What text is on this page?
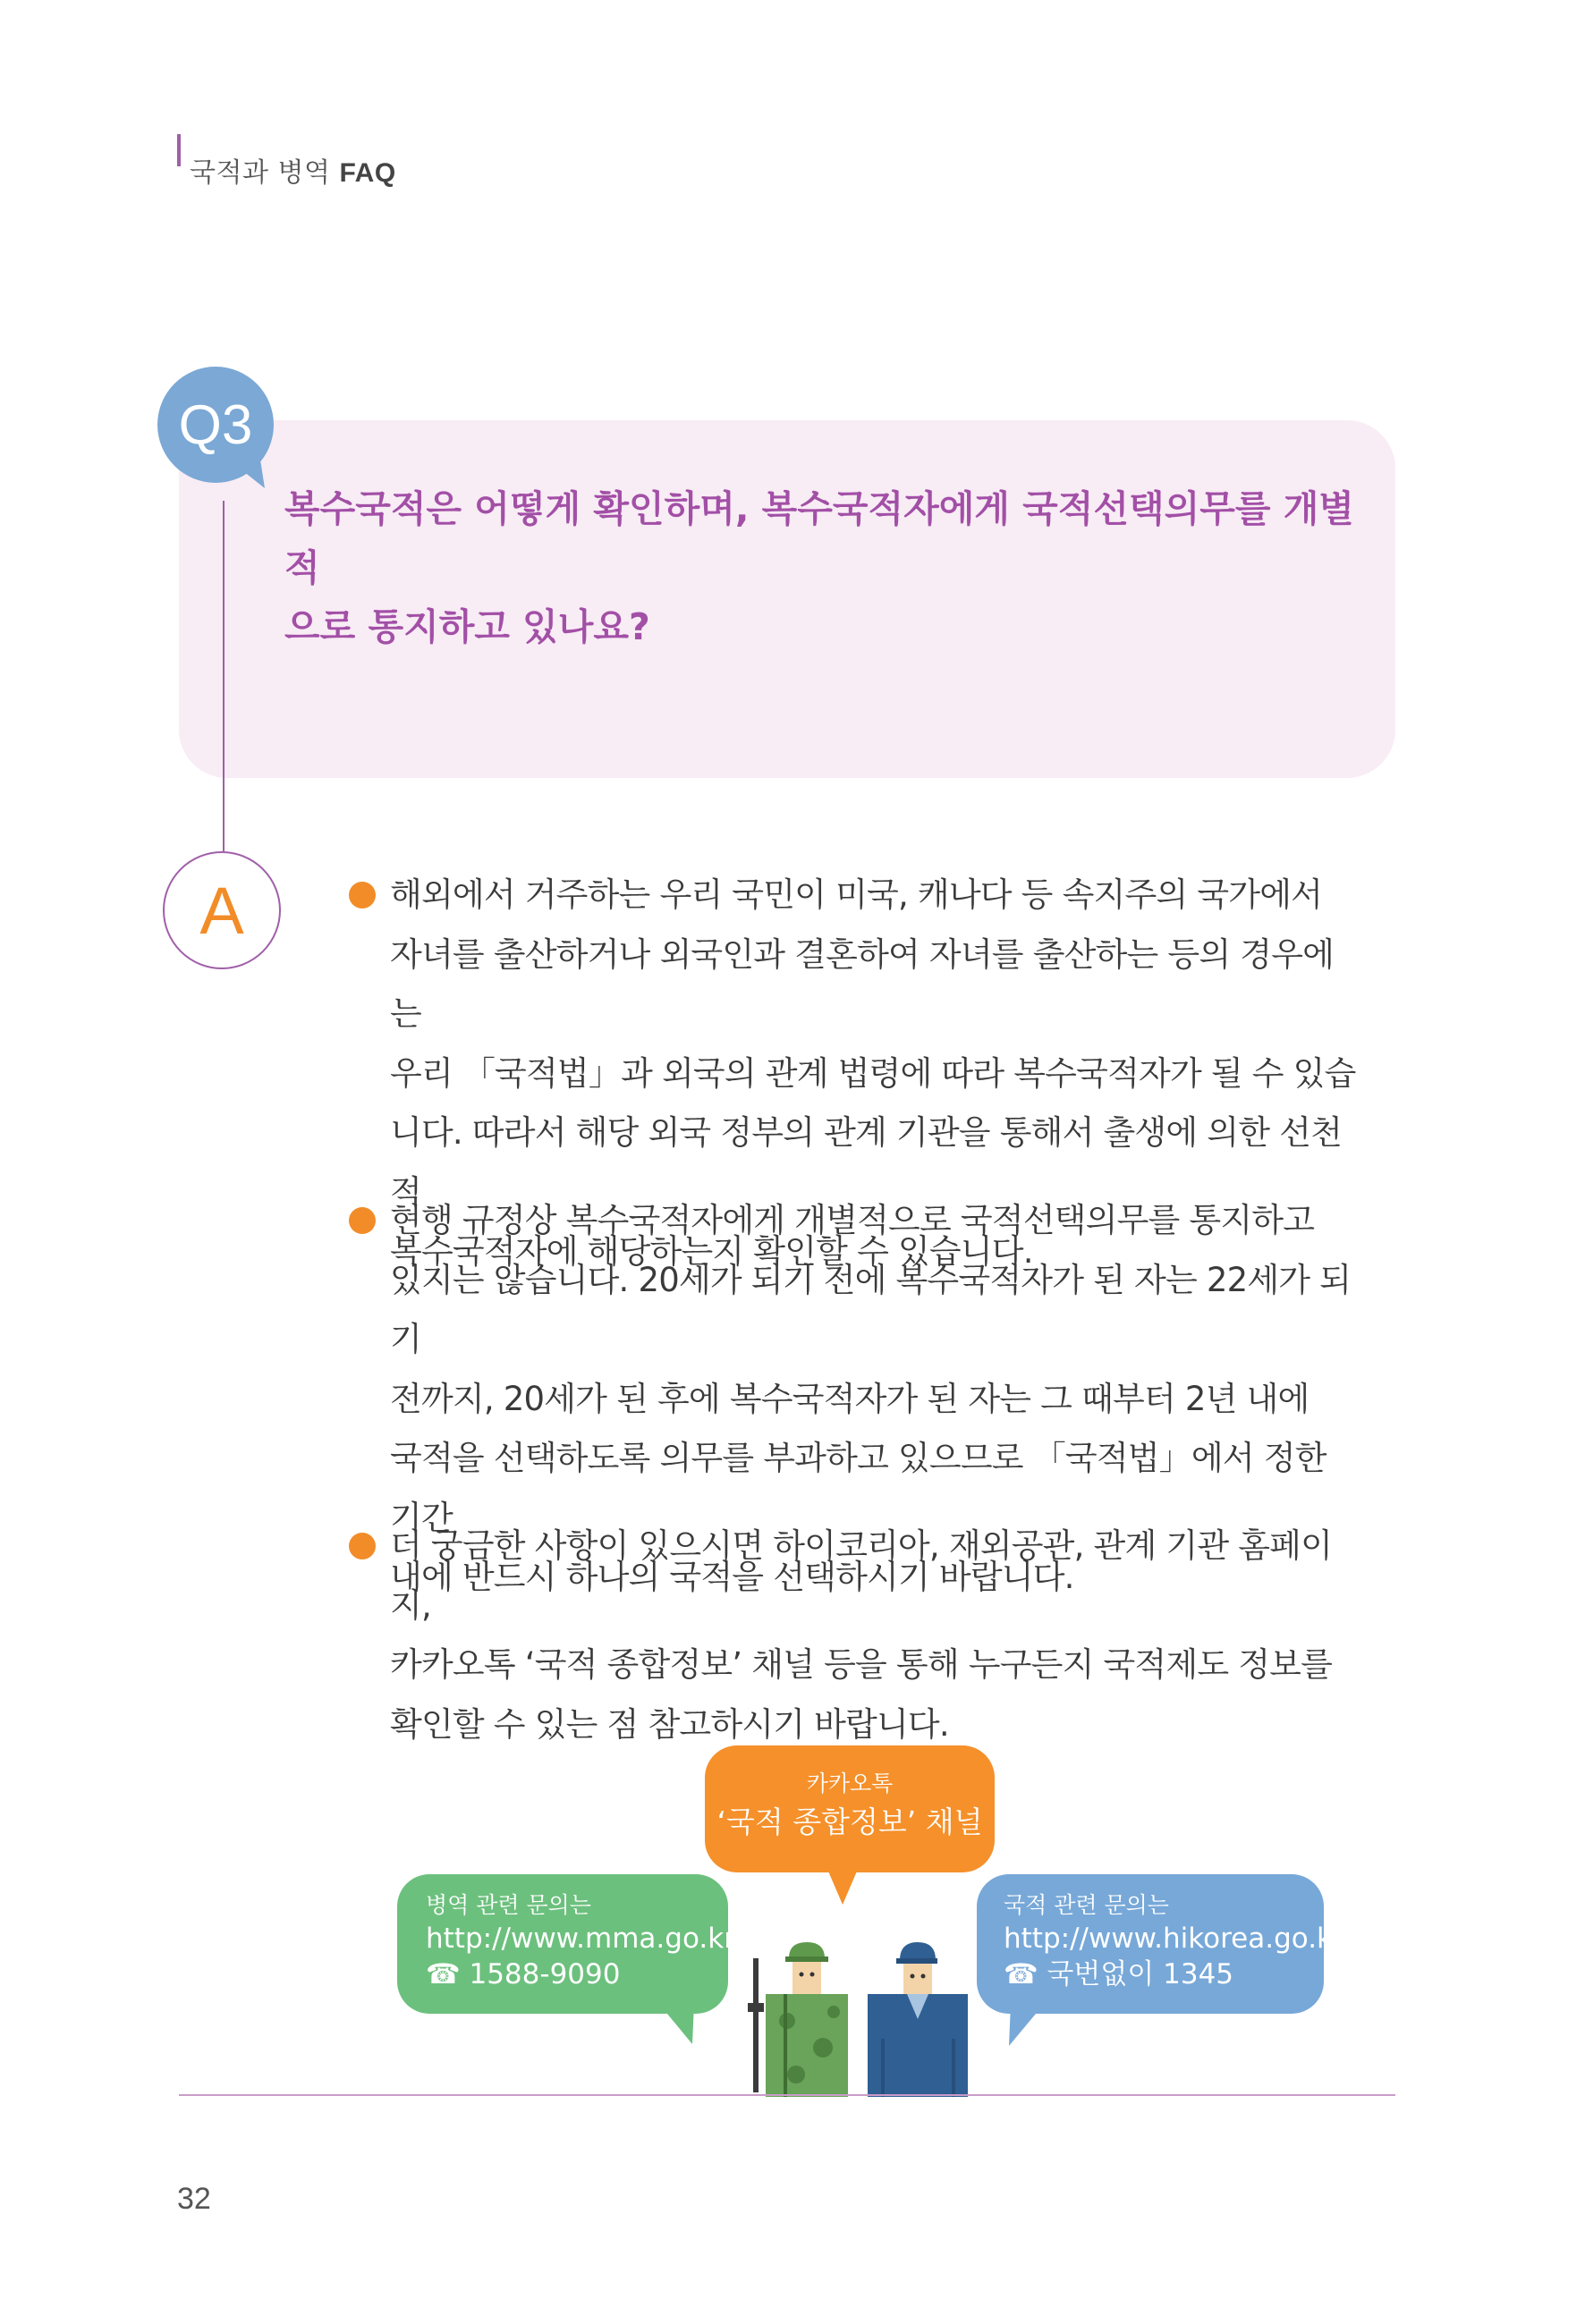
국적과 병역 FAQ
Q3
복수국적은 어떻게 확인하며, 복수국적자에게 국적선택의무를 개별적
으로 통지하고 있나요?
A	해외에서 거주하는 우리 국민이 미국, 캐나다 등 속지주의 국가에서
자녀를 출산하거나 외국인과 결혼하여 자녀를 출산하는 등의 경우에는
우리 「국적법」과 외국의 관계 법령에 따라 복수국적자가 될 수 있습
니다. 따라서 해당 외국 정부의 관계 기관을 통해서 출생에 의한 선천적
복수국적자에 해당하는지 확인할 수 있습니다.
현행 규정상 복수국적자에게 개별적으로 국적선택의무를 통지하고
있지는 않습니다. 20세가 되기 전에 복수국적자가 된 자는 22세가 되기
전까지, 20세가 된 후에 복수국적자가 된 자는 그 때부터 2년 내에
국적을 선택하도록 의무를 부과하고 있으므로 「국적법」에서 정한 기간
내에 반드시 하나의 국적을 선택하시기 바랍니다.
더 궁금한 사항이 있으시면 하이코리아, 재외공관, 관계 기관 홈페이지,
카카오톡 ‘국적 종합정보’ 채널 등을 통해 누구든지 국적제도 정보를
확인할 수 있는 점 참고하시기 바랍니다.
병역 관련 문의는
http://www.mma.go.kr
☎ 1588-9090
카카오톡
‘국적 종합정보’ 채널
국적 관련 문의는
http://www.hikorea.go.kr
☎ 국번없이 1345
32
